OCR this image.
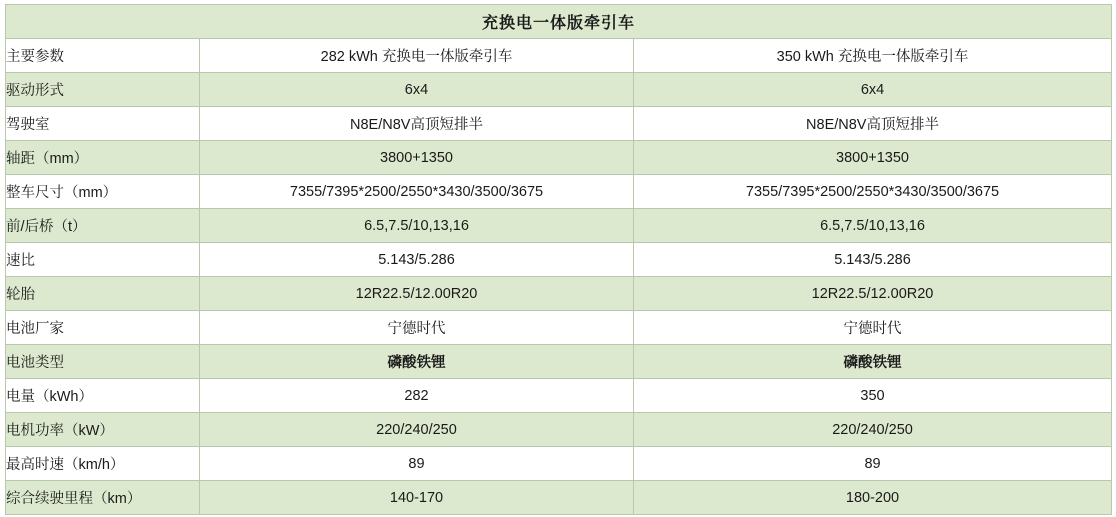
充换电一体版牵引车		
主要参数	282 kWh 充换电一体版牵引车	350 kWh 充换电一体版牵引车
驱动形式	6x4	6x4
驾驶室	N8E/N8V高顶短排半	N8E/N8V高顶短排半
轴距（mm）	3800+1350	3800+1350
整车尺寸（mm）	7355/7395*2500/2550*3430/3500/3675	7355/7395*2500/2550*3430/3500/3675
前/后桥（t）	6.5,7.5/10,13,16	6.5,7.5/10,13,16
速比	5.143/5.286	5.143/5.286
轮胎	12R22.5/12.00R20	12R22.5/12.00R20
电池厂家	宁德时代	宁德时代
电池类型	磷酸铁锂	磷酸铁锂
电量（kWh）	282	350
电机功率（kW）	220/240/250	220/240/250
最高时速（km/h）	89	89
综合续驶里程（km）	140-170	180-200
